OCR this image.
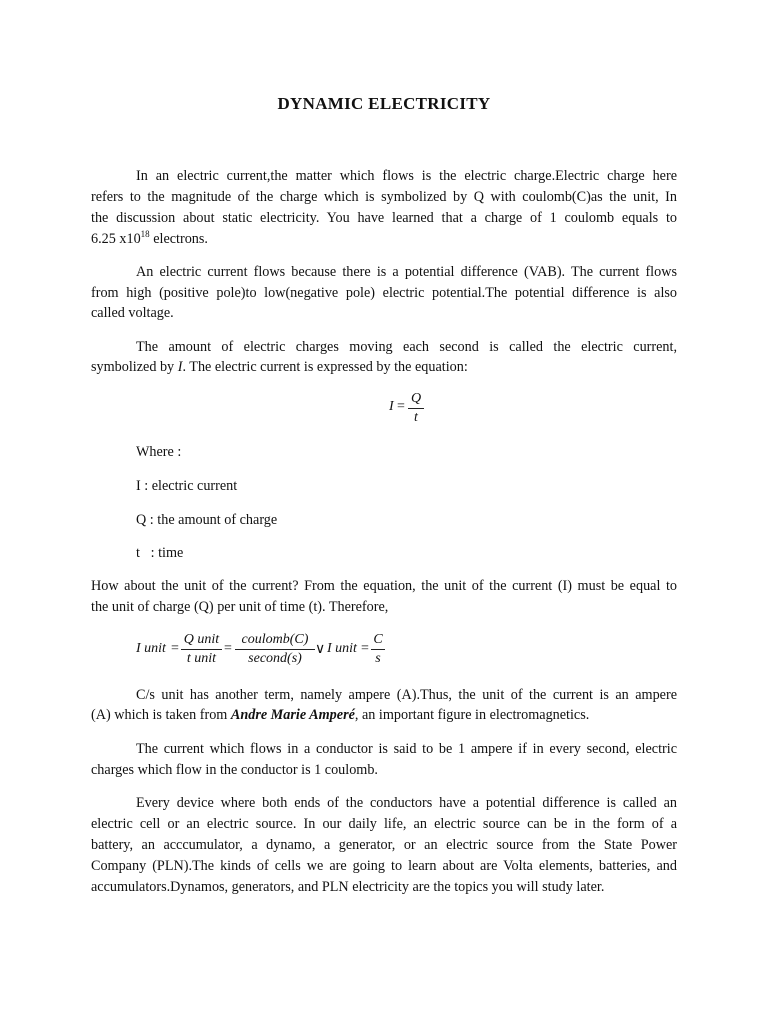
DYNAMIC ELECTRICITY
In an electric current,the matter which flows is the electric charge.Electric charge here
refers to the magnitude of the charge which is symbolized by Q with coulomb(C)as the unit, In
the discussion about static electricity. You have learned that a charge of 1 coulomb equals to
6.25 $x10^{18}$ electrons.
An electric current flows because there is a potential difference (VAB). The current flows
from high (positive pole)to low(negative pole) electric potential.The potential difference is also
called voltage.
The amount of electric charges moving each second is called the electric current,
symbolized by I. The electric current is expressed by the equation:
I =
Q
t
Where :
I : electric current
Q : the amount of charge
t   : time
How about the unit of the current? From the equation, the unit of the current (I) must be equal to
the unit of charge (Q) per unit of time (t). Therefore,
I unit =
Q unit
t unit
=
coulomb(C)
second(s)
∨ I unit =
C
s
C/s unit has another term, namely ampere (A).Thus, the unit of the current is an ampere
(A) which is taken from Andre Marie Amperé, an important figure in electromagnetics.
The current which flows in a conductor is said to be 1 ampere if in every second, electric
charges which flow in the conductor is 1 coulomb.
Every device where both ends of the conductors have a potential difference is called an
electric cell or an electric source. In our daily life, an electric source can be in the form of a
battery, an acccumulator, a dynamo, a generator, or an electric source from the State Power
Company (PLN).The kinds of cells we are going to learn about are Volta elements, batteries, and
accumulators.Dynamos, generators, and PLN electricity are the topics you will study later.
